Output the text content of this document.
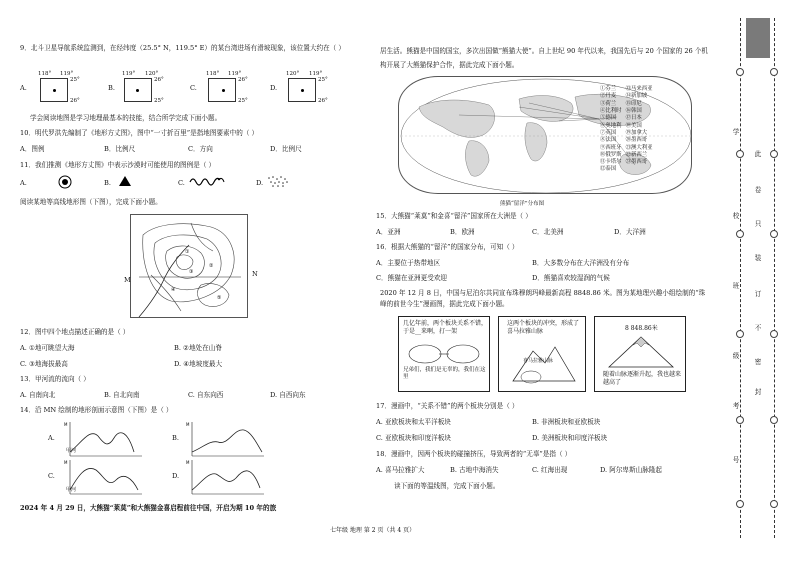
9．北斗卫星导航系统监测到，在经纬度（25.5° N，119.5° E）的某台湾进场有滑坡现象，该位置大约在（ ）
A.
118° 119°
25°
26°
B.
119° 120°
26°
25°
C.
118° 119°
26°
25°
D.
120° 119°
25°
26°
学会阅读地图是学习地理最基本的技能，结合所学完成下面小题。
10．明代罗洪先编制了《地形方丈图》，图中“一寸折百里”是指地图要素中的（ ）
A．图例	B．比例尺	C．方向	D．比例尺
11．我们推测《地形方丈图》中表示沙漠时可能使用的图例是（ ）
A.	B.	C.	D.
阅读某地等高线地形图（下图），完成下面小题。
①
②
③
④
⑤
M
N
12．图中四个地点描述正确的是（ ）
A. ①地可眺望大海	B. ②地处在山脊
C. ③地海拔最高	D. ④地坡度最大
13．甲河流的流向（ ）
A. 自南向北	B. 自北向南	C. 自东向西	D. 自西向东
14．沿 MN 绘制的地形剖面示意图（下图）是（ ）
A.
M
甲河
B.
M
C.
M
甲河
D.
M
2024 年 4 月 29 日，大熊猫“莱莫”和大熊猫金喜启程前往中国，开启为期 10 年的旅
居生活。熊猫是中国的国宝，多次出国做“熊猫大使”。自上世纪 90 年代以来，我国先后与 20 个国家的 26 个机构开展了大熊猫保护合作，据此完成下面小题。
①芬兰
②丹麦
③荷兰
④比利时
⑤德国
⑥奥地利
⑦英国
⑧法国
⑨西班牙
⑩俄罗斯
⑪卡塔尔
⑫泰国
⑬马来西亚
⑭新加坡
⑮印尼
⑯韩国
⑰日本
⑱美国
⑲加拿大
⑳墨西哥
㉑澳大利亚
㉒新西兰
㉓墨西哥
熊猫“留洋”分布图
15．大熊猫“莱莫”和金喜“留洋”国家所在大洲是（ ）
A．亚洲	B．欧洲	C．北美洲	D．大洋洲
16．根据大熊猫的“留洋”的国家分布，可知（ ）
A．主要位于热带地区	B．大多数分布在大洋洲没有分布
C．熊猫在亚洲更受欢迎	D．熊猫喜欢较湿润的气候
2020 年 12 月 8 日，中国与尼泊尔共同宣布珠穆朗玛峰最新高程 8848.86 米。图为某地理兴趣小组绘制的“珠峰的前世今生”漫画图，据此完成下面小题。
几亿年前，两个板块关系不错，于是__来啊，打一架
兄弟们，我们是无辜的，我们在这里
这两个板块的冲突，形成了喜马拉雅山脉
喜马拉雅山脉
8 848.86米
随着山脉逐渐升起，我也越来越高了
17．漫画中，“关系不错”的两个板块分别是（ ）
A. 亚欧板块和太平洋板块	B. 非洲板块和亚欧板块
C. 亚欧板块和印度洋板块	D. 美洲板块和印度洋板块
18．漫画中，因两个板块的碰撞挤压，导致两者的“无辜”是指（ ）
A. 喜马拉雅扩大	B. 古地中海消失	C. 红海出现	D. 阿尔卑斯山脉隆起
读下面的等温线图，完成下面小题。
七年级 地理 第 2 页（共 4 页）
学
校
班
级
考
号
此
卷
只
装
订
不
密
封
